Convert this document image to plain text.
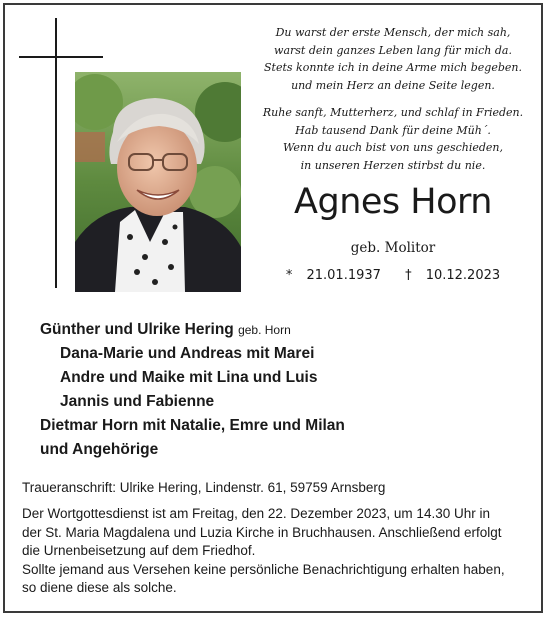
Du warst der erste Mensch, der mich sah,

warst dein ganzes Leben lang für mich da.

Stets konnte ich in deine Arme mich begeben.

und mein Herz an deine Seite legen.

Ruhe sanft, Mutterherz, und schlaf in Frieden.

Hab tausend Dank für deine Müh´.

Wenn du auch bist von uns geschieden,

in unseren Herzen stirbst du nie.

Agnes Horn
geb. Molitor
* 21.01.1937 † 10.12.2023
Günther und Ulrike Hering geb. Horn
Dana-Marie und Andreas mit Marei
Andre und Maike mit Lina und Luis
Jannis und Fabienne
Dietmar Horn mit Natalie, Emre und Milan
und Angehörige
Traueranschrift: Ulrike Hering, Lindenstr. 61, 59759 Arnsberg

Der Wortgottesdienst ist am Freitag, den 22. Dezember 2023, um 14.30 Uhr in

der St. Maria Magdalena und Luzia Kirche in Bruchhausen. Anschließend erfolgt

die Urnenbeisetzung auf dem Friedhof.

Sollte jemand aus Versehen keine persönliche Benachrichtigung erhalten haben,

so diene diese als solche.
